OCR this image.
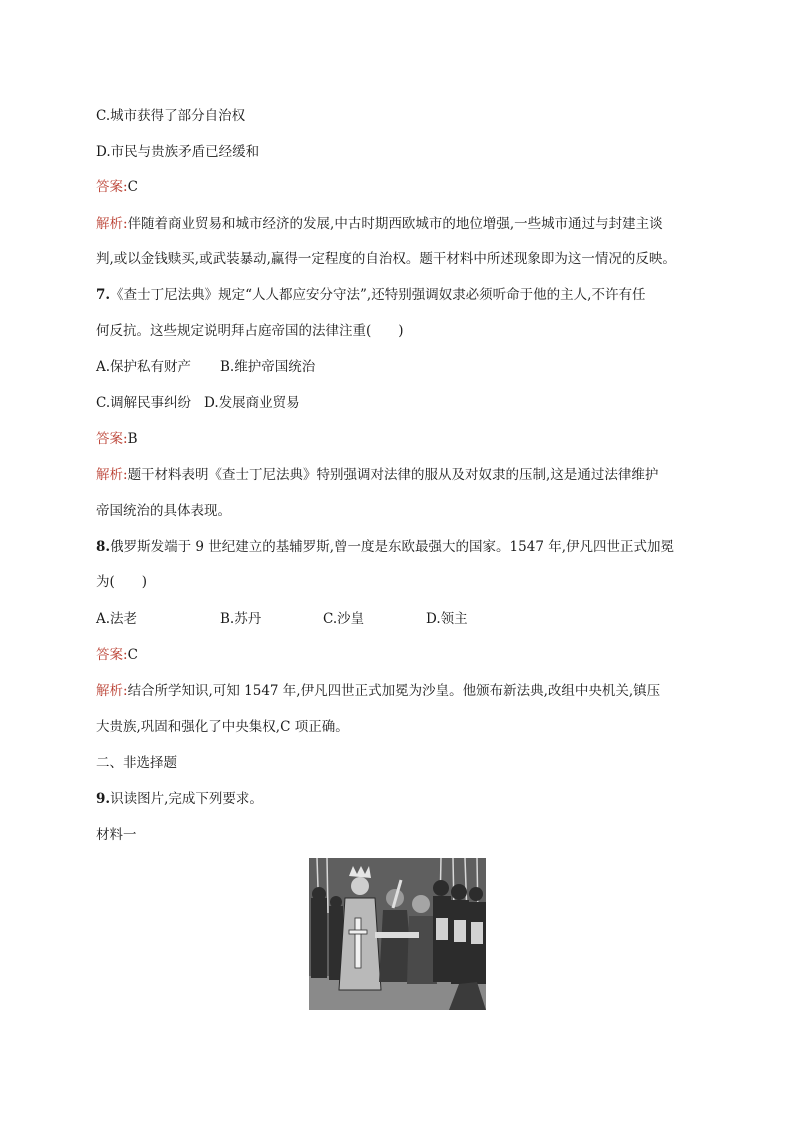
C.城市获得了部分自治权
D.市民与贵族矛盾已经缓和
答案:C
解析:伴随着商业贸易和城市经济的发展,中古时期西欧城市的地位增强,一些城市通过与封建主谈
判,或以金钱赎买,或武装暴动,赢得一定程度的自治权。题干材料中所述现象即为这一情况的反映。
7.《查士丁尼法典》规定“人人都应安分守法”,还特别强调奴隶必须听命于他的主人,不许有任
何反抗。这些规定说明拜占庭帝国的法律注重(　　)
A.保护私有财产 B.维护帝国统治
C.调解民事纠纷 D.发展商业贸易
答案:B
解析:题干材料表明《查士丁尼法典》特别强调对法律的服从及对奴隶的压制,这是通过法律维护
帝国统治的具体表现。
8.俄罗斯发端于 9 世纪建立的基辅罗斯,曾一度是东欧最强大的国家。1547 年,伊凡四世正式加冕
为(　　)
A.法老	B.苏丹	C.沙皇	D.领主
答案:C
解析:结合所学知识,可知 1547 年,伊凡四世正式加冕为沙皇。他颁布新法典,改组中央机关,镇压
大贵族,巩固和强化了中央集权,C 项正确。
二、非选择题
9.识读图片,完成下列要求。
材料一
